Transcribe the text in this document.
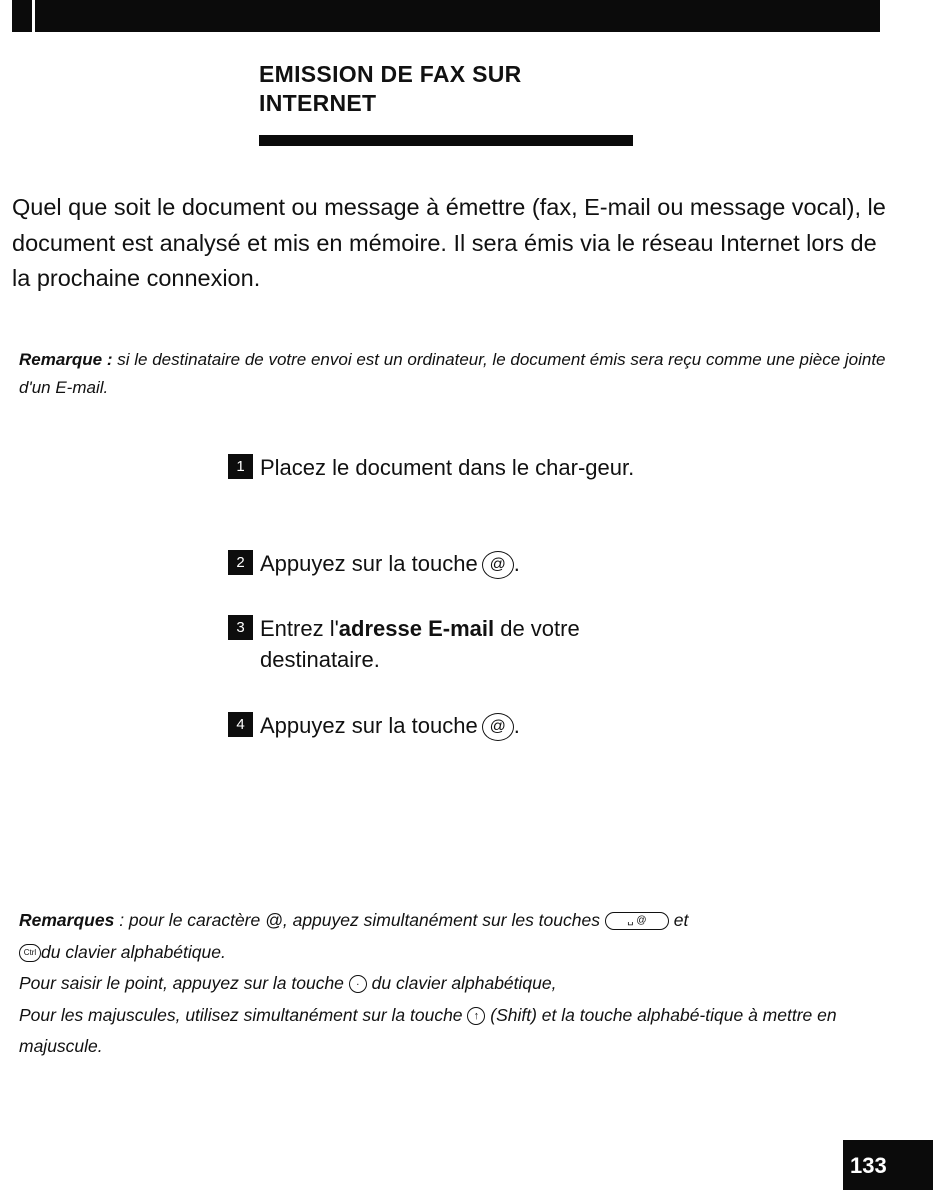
EMISSION DE FAX SUR
INTERNET

Quel que soit le document ou message à émettre (fax, E-mail ou message vocal), le document est analysé et mis en mémoire. Il sera émis via le réseau Internet lors de la prochaine connexion.

Remarque : si le destinataire de votre envoi est un ordinateur, le document émis sera reçu comme une pièce jointe d'un E-mail.

1 Placez le document dans le char-geur.
2 Appuyez sur la touche @ .
3 Entrez l'adresse E-mail de votre destinataire.
4 Appuyez sur la touche @ .

Remarques : pour le caractère @, appuyez simultanément sur les touches ␣ @ et
Ctrl du clavier alphabétique.

Pour saisir le point, appuyez sur la touche . du clavier alphabétique,

Pour les majuscules, utilisez simultanément sur la touche ↑ (Shift) et la touche alphabé-tique à mettre en majuscule.

133
